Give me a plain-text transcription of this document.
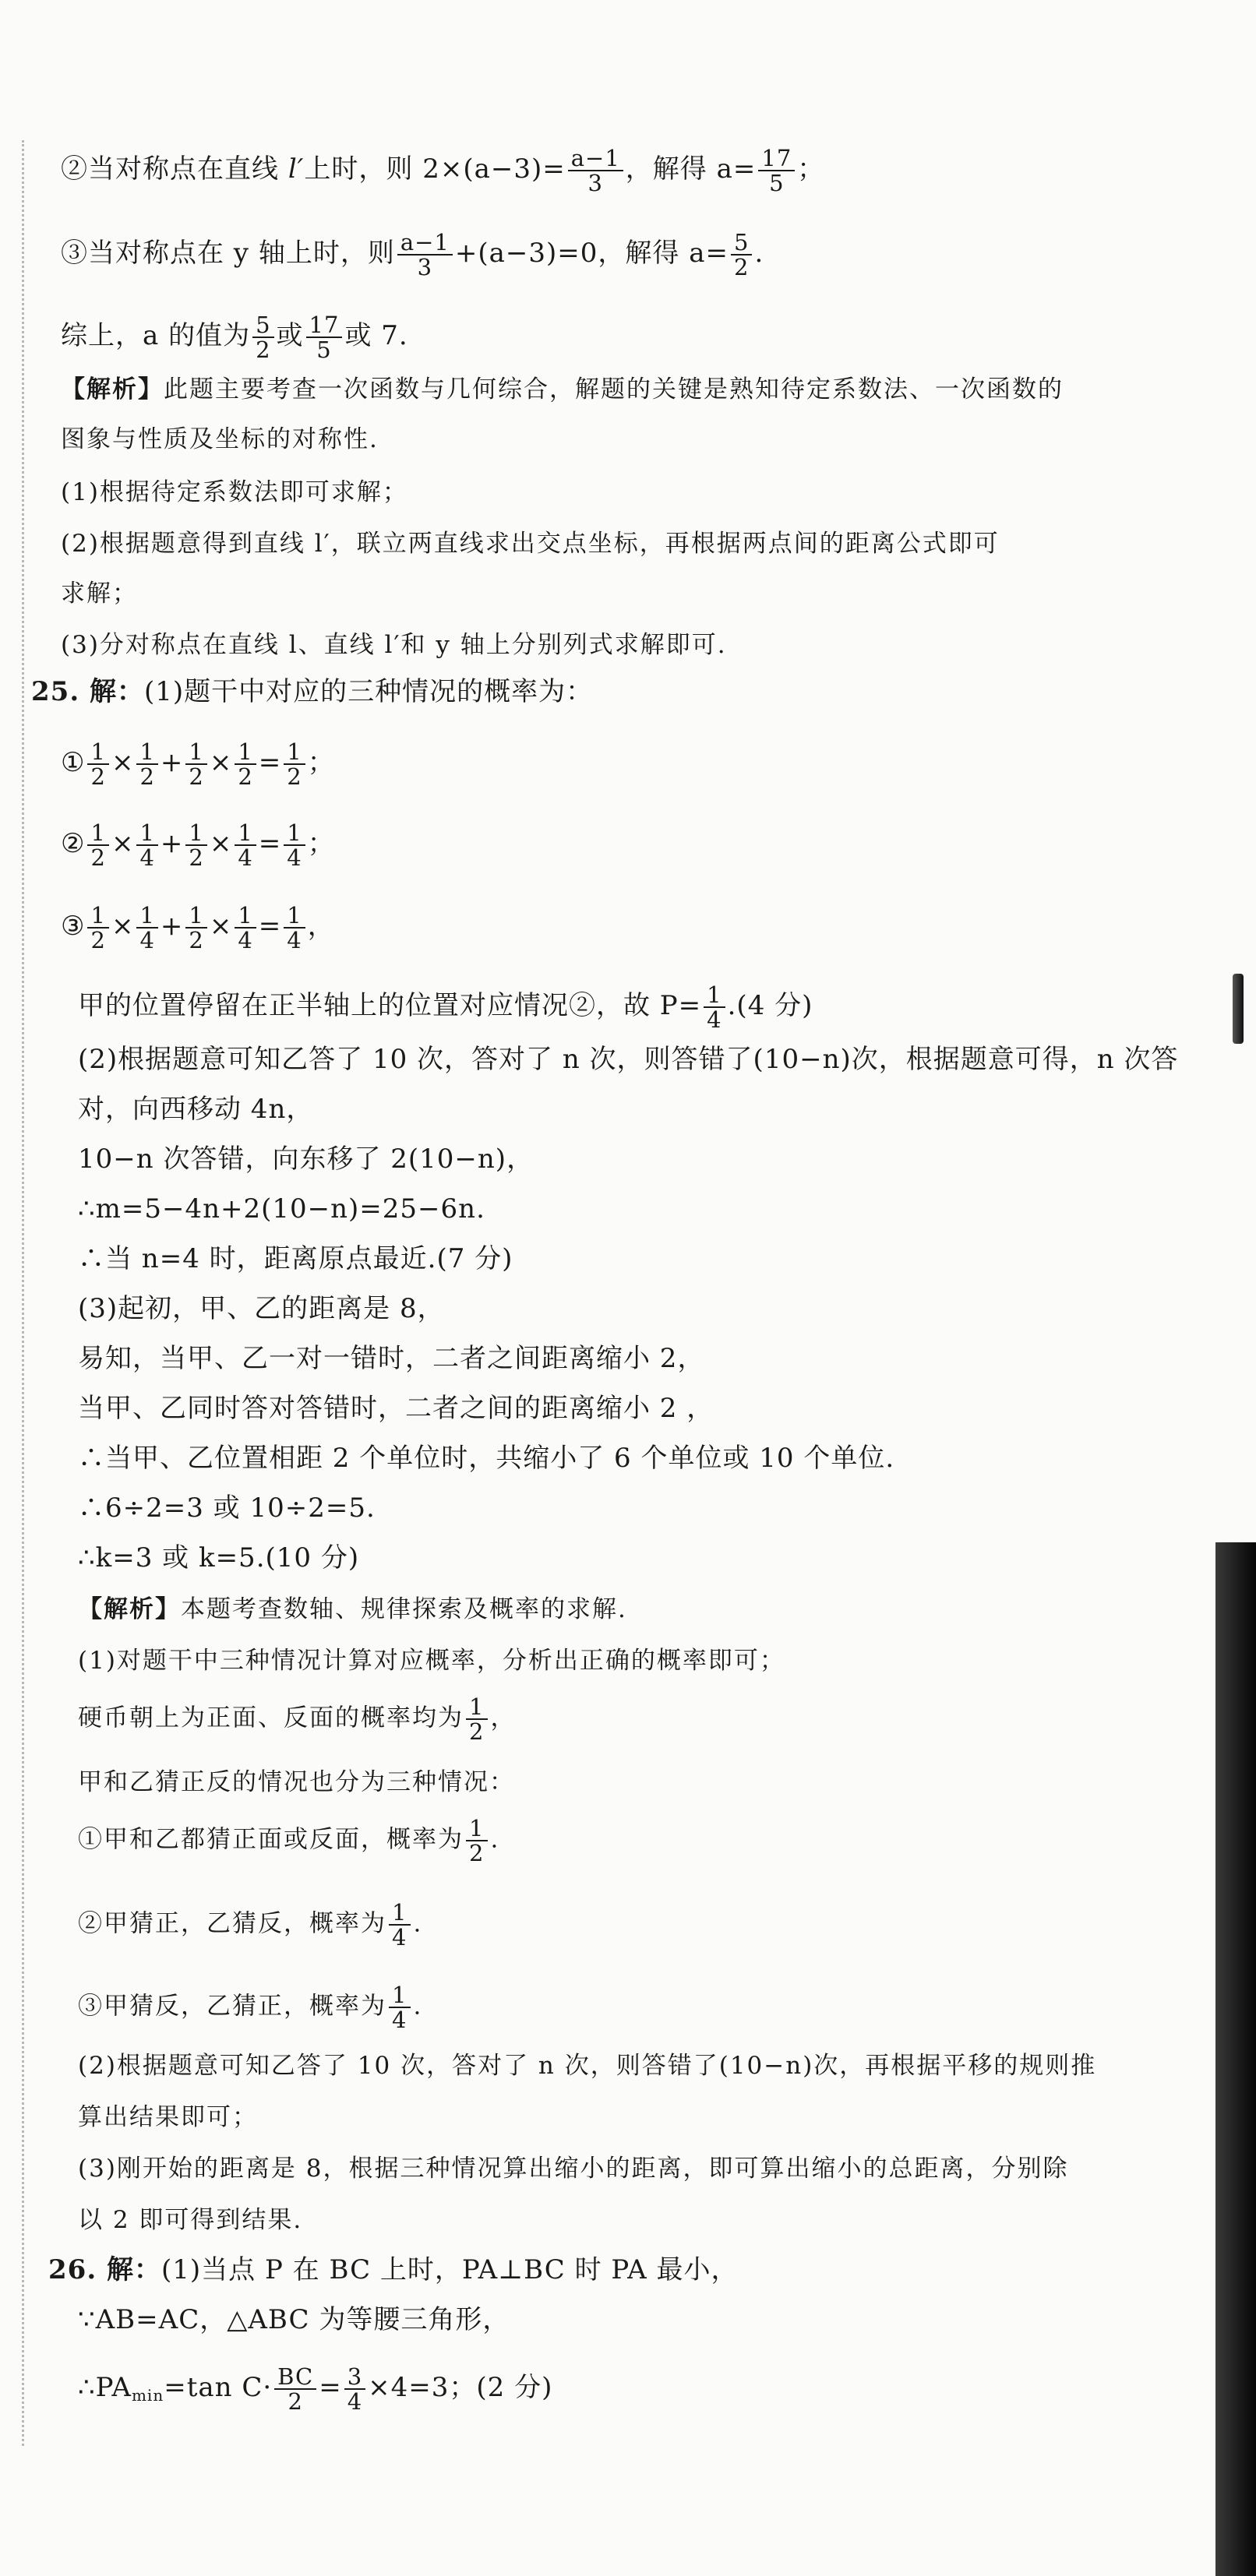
②当对称点在直线 l′上时，则 $2\times(a-3)= \frac{a-1}{3}$ ，解得 $a= \frac{17}{5}$ ；
③当对称点在 y 轴上时，则 $\frac{a-1}{3} +(a-3)=0$，解得 $a= \frac{5}{2}$ .
综上，a 的值为 $\frac{5}{2}$ 或 $\frac{17}{5}$ 或 7.
【解析】此题主要考查一次函数与几何综合，解题的关键是熟知待定系数法、一次函数的
图象与性质及坐标的对称性.
(1)根据待定系数法即可求解；
(2)根据题意得到直线 l′，联立两直线求出交点坐标，再根据两点间的距离公式即可
求解；
(3)分对称点在直线 l、直线 l′和 y 轴上分别列式求解即可.
25. 解：(1)题干中对应的三种情况的概率为：
① $\frac{1}{2} \times \frac{1}{2} + \frac{1}{2} \times \frac{1}{2} = \frac{1}{2}$ ；
② $\frac{1}{2} \times \frac{1}{4} + \frac{1}{2} \times \frac{1}{4} = \frac{1}{4}$ ；
③ $\frac{1}{2} \times \frac{1}{4} + \frac{1}{2} \times \frac{1}{4} = \frac{1}{4}$ ，
甲的位置停留在正半轴上的位置对应情况②，故 $P= \frac{1}{4} .(4$ 分)
(2)根据题意可知乙答了 10 次，答对了 n 次，则答错了(10−n)次，根据题意可得，n 次答
对，向西移动 4n，
10−n 次答错，向东移了 2(10−n)，
∴m=5−4n+2(10−n)=25−6n.
∴当 n=4 时，距离原点最近.(7 分)
(3)起初，甲、乙的距离是 8，
易知，当甲、乙一对一错时，二者之间距离缩小 2，
当甲、乙同时答对答错时，二者之间的距离缩小 2 ，
∴当甲、乙位置相距 2 个单位时，共缩小了 6 个单位或 10 个单位.
∴6÷2=3 或 10÷2=5.
∴k=3 或 k=5.(10 分)
【解析】本题考查数轴、规律探索及概率的求解.
(1)对题干中三种情况计算对应概率，分析出正确的概率即可；
硬币朝上为正面、反面的概率均为 $\frac{1}{2}$ ，
甲和乙猜正反的情况也分为三种情况：
①甲和乙都猜正面或反面，概率为 $\frac{1}{2}$ .
②甲猜正，乙猜反，概率为 $\frac{1}{4}$ .
③甲猜反，乙猜正，概率为 $\frac{1}{4}$ .
(2)根据题意可知乙答了 10 次，答对了 n 次，则答错了(10−n)次，再根据平移的规则推
算出结果即可；
(3)刚开始的距离是 8，根据三种情况算出缩小的距离，即可算出缩小的总距离，分别除
以 2 即可得到结果.
26. 解：(1)当点 P 在 BC 上时，PA⊥BC 时 PA 最小，
∵AB=AC，△ABC 为等腰三角形，
$\therefore PA_{min}=\tan$ $C\cdot \frac{BC}{2} = \frac{3}{4} \times 4=3$；(2 分)
